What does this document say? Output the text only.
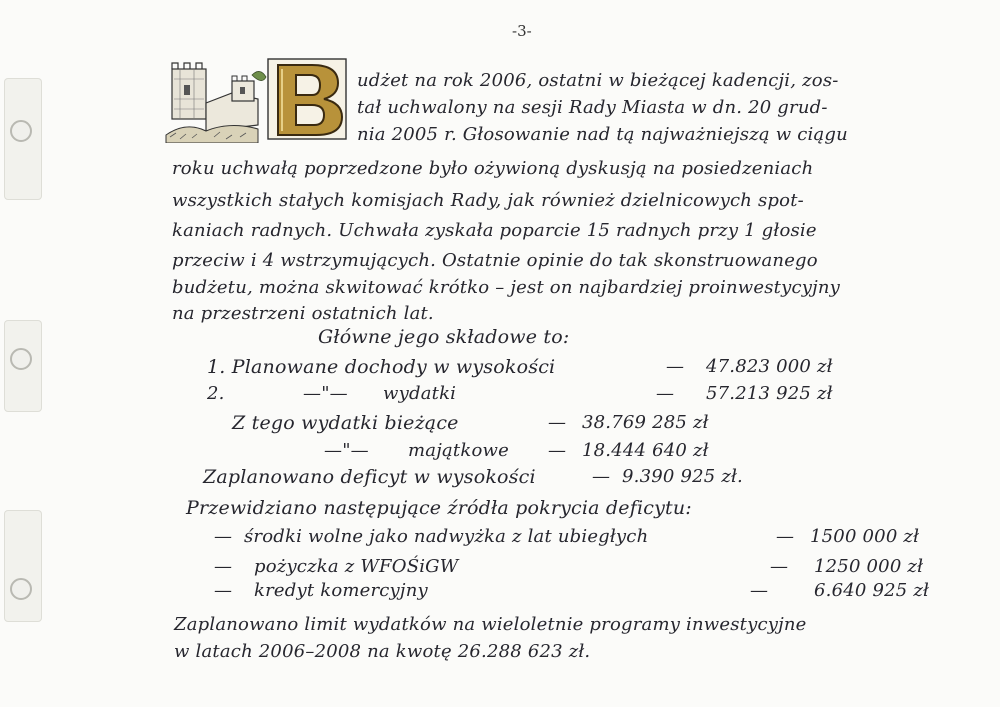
-3-
udżet na rok 2006, ostatni w bieżącej kadencji, zos-
tał uchwalony na sesji Rady Miasta w dn. 20 grud-
nia 2005 r. Głosowanie nad tą najważniejszą w ciągu
roku uchwałą poprzedzone było ożywioną dyskusją na posiedzeniach
wszystkich stałych komisjach Rady, jak również dzielnicowych spot-
kaniach radnych. Uchwała zyskała poparcie 15 radnych przy 1 głosie
przeciw i 4 wstrzymujących. Ostatnie opinie do tak skonstruowanego
budżetu, można skwitować krótko – jest on najbardziej proinwestycyjny
na przestrzeni ostatnich lat.
Główne jego składowe to:
1. Planowane dochody w wysokości	— 47.823 000 zł
2.	—"— wydatki	— 57.213 925 zł
Z tego wydatki bieżące	— 38.769 285 zł
—"— majątkowe — 18.444 640 zł
Zaplanowano deficyt w wysokości	— 9.390 925 zł.
Przewidziano następujące źródła pokrycia deficytu:
— środki wolne jako nadwyżka z lat ubiegłych	— 1500 000 zł
— pożyczka z WFOŚiGW	— 1250 000 zł
— kredyt komercyjny	—	6.640 925 zł
Zaplanowano limit wydatków na wieloletnie programy inwestycyjne
w latach 2006–2008 na kwotę 26.288 623 zł.
